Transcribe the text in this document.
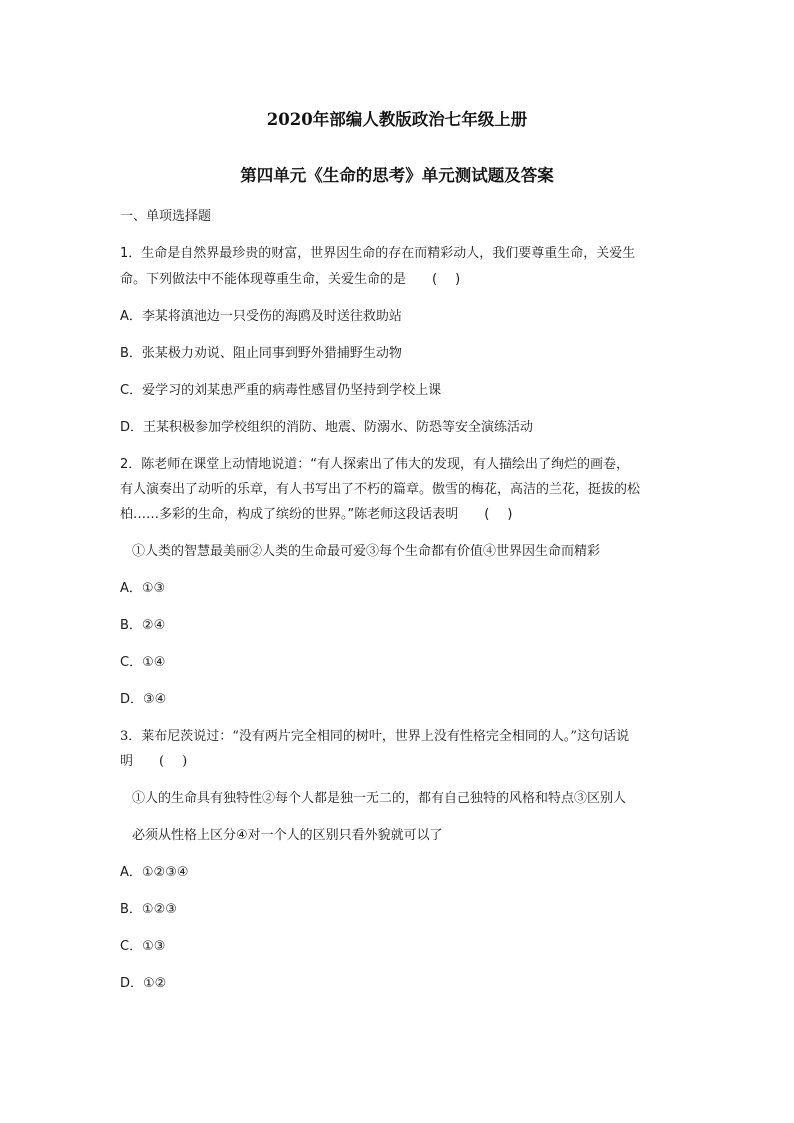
2020年部编人教版政治七年级上册
第四单元《生命的思考》单元测试题及答案
一、单项选择题
1．生命是自然界最珍贵的财富，世界因生命的存在而精彩动人，我们要尊重生命，关爱生
命。下列做法中不能体现尊重生命，关爱生命的是 ()
A．李某将滇池边一只受伤的海鸥及时送往救助站
B．张某极力劝说、阻止同事到野外猎捕野生动物
C．爱学习的刘某患严重的病毒性感冒仍坚持到学校上课
D．王某积极参加学校组织的消防、地震、防溺水、防恐等安全演练活动
2．陈老师在课堂上动情地说道：“有人探索出了伟大的发现，有人描绘出了绚烂的画卷，
有人演奏出了动听的乐章，有人书写出了不朽的篇章。傲雪的梅花，高洁的兰花，挺拔的松
柏……多彩的生命，构成了缤纷的世界。”陈老师这段话表明 ()
①人类的智慧最美丽②人类的生命最可爱③每个生命都有价值④世界因生命而精彩
A．①③
B．②④
C．①④
D．③④
3．莱布尼茨说过：“没有两片完全相同的树叶，世界上没有性格完全相同的人。”这句话说
明 ()
①人的生命具有独特性②每个人都是独一无二的，都有自己独特的风格和特点③区别人
必须从性格上区分④对一个人的区别只看外貌就可以了
A．①②③④
B．①②③
C．①③
D．①②
